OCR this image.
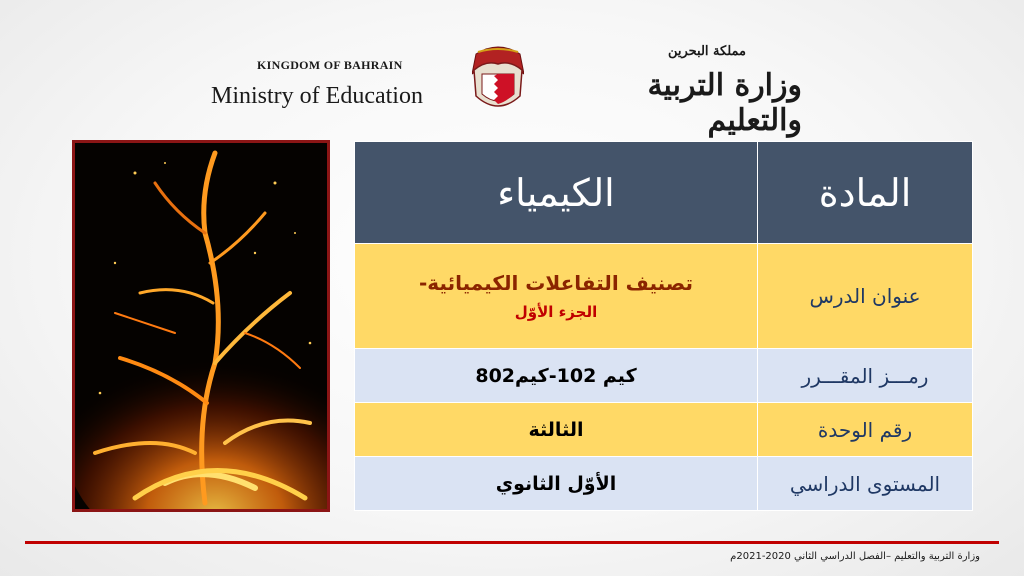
KINGDOM OF BAHRAIN
Ministry of Education
مملكة البحرين
وزارة التربية والتعليم
المادة	الكيمياء
عنوان الدرس	تصنيف التفاعلات الكيميائية-
الجزء الأوّل

رمـــز المقـــرر	كيم 102-كيم802
رقم الوحدة	الثالثة
المستوى الدراسي	الأوّل الثانوي
وزارة التربية والتعليم –الفصل الدراسي الثاني 2020-2021م
